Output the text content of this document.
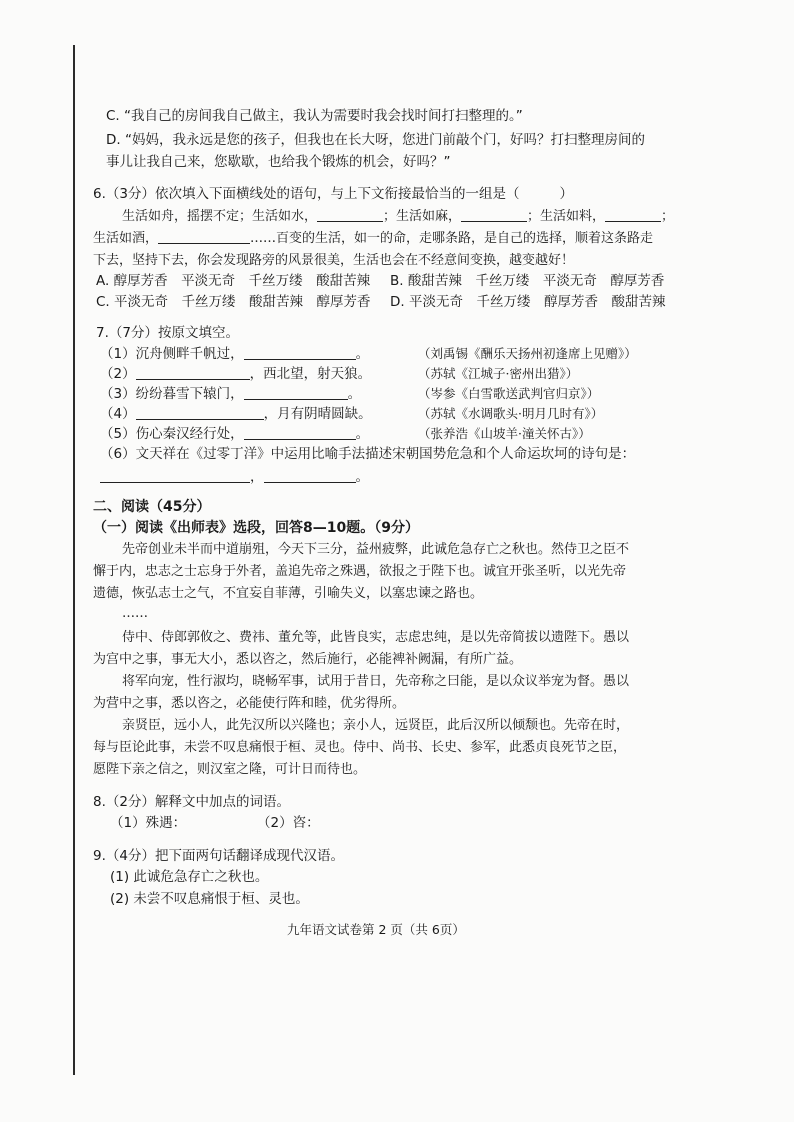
C. “我自己的房间我自己做主，我认为需要时我会找时间打扫整理的。”
D. “妈妈，我永远是您的孩子，但我也在长大呀，您进门前敲个门，好吗？打扫整理房间的
事儿让我自己来，您歇歇，也给我个锻炼的机会，好吗？”
6.（3分）依次填入下面横线处的语句，与上下文衔接最恰当的一组是（	）
生活如舟，摇摆不定；生活如水，	；生活如麻，	；生活如料，	；
生活如酒，	……百变的生活，如一的命，走哪条路，是自己的选择，顺着这条路走
下去，坚持下去，你会发现路旁的风景很美，生活也会在不经意间变换，越变越好！
A. 醇厚芳香　平淡无奇　千丝万缕　酸甜苦辣 B. 酸甜苦辣　千丝万缕　平淡无奇　醇厚芳香
C. 平淡无奇　千丝万缕　酸甜苦辣　醇厚芳香 D. 平淡无奇　千丝万缕　醇厚芳香　酸甜苦辣
7.（7分）按原文填空。
（1）沉舟侧畔千帆过，	。	（刘禹锡《酬乐天扬州初逢席上见赠》）
（2）	，西北望，射天狼。	（苏轼《江城子·密州出猎》）
（3）纷纷暮雪下辕门，	。	（岑参《白雪歌送武判官归京》）
（4）	，月有阴晴圆缺。	（苏轼《水调歌头·明月几时有》）
（5）伤心秦汉经行处，	。	（张养浩《山坡羊·潼关怀古》）
（6）文天祥在《过零丁洋》中运用比喻手法描述宋朝国势危急和个人命运坎坷的诗句是：
，	。
二、阅读（45分）
（一）阅读《出师表》选段，回答8—10题。（9分）
先帝创业未半而中道崩殂，今天下三分，益州疲弊，此诚危急存亡之秋也。然侍卫之臣不
懈于内，忠志之士忘身于外者，盖追先帝之殊遇，欲报之于陛下也。诚宜开张圣听，以光先帝
遗德，恢弘志士之气，不宜妄自菲薄，引喻失义，以塞忠谏之路也。
……
侍中、侍郎郭攸之、费祎、董允等，此皆良实，志虑忠纯，是以先帝简拔以遗陛下。愚以
为宫中之事，事无大小，悉以咨之，然后施行，必能裨补阙漏，有所广益。
将军向宠，性行淑均，晓畅军事，试用于昔日，先帝称之曰能，是以众议举宠为督。愚以
为营中之事，悉以咨之，必能使行阵和睦，优劣得所。
亲贤臣，远小人，此先汉所以兴隆也；亲小人，远贤臣，此后汉所以倾颓也。先帝在时，
每与臣论此事，未尝不叹息痛恨于桓、灵也。侍中、尚书、长史、参军，此悉贞良死节之臣，
愿陛下亲之信之，则汉室之隆，可计日而待也。
8.（2分）解释文中加点的词语。
（1）殊遇：	（2）咨：
9.（4分）把下面两句话翻译成现代汉语。
(1) 此诚危急存亡之秋也。
(2) 未尝不叹息痛恨于桓、灵也。
九年语文试卷第 2 页（共 6页）
